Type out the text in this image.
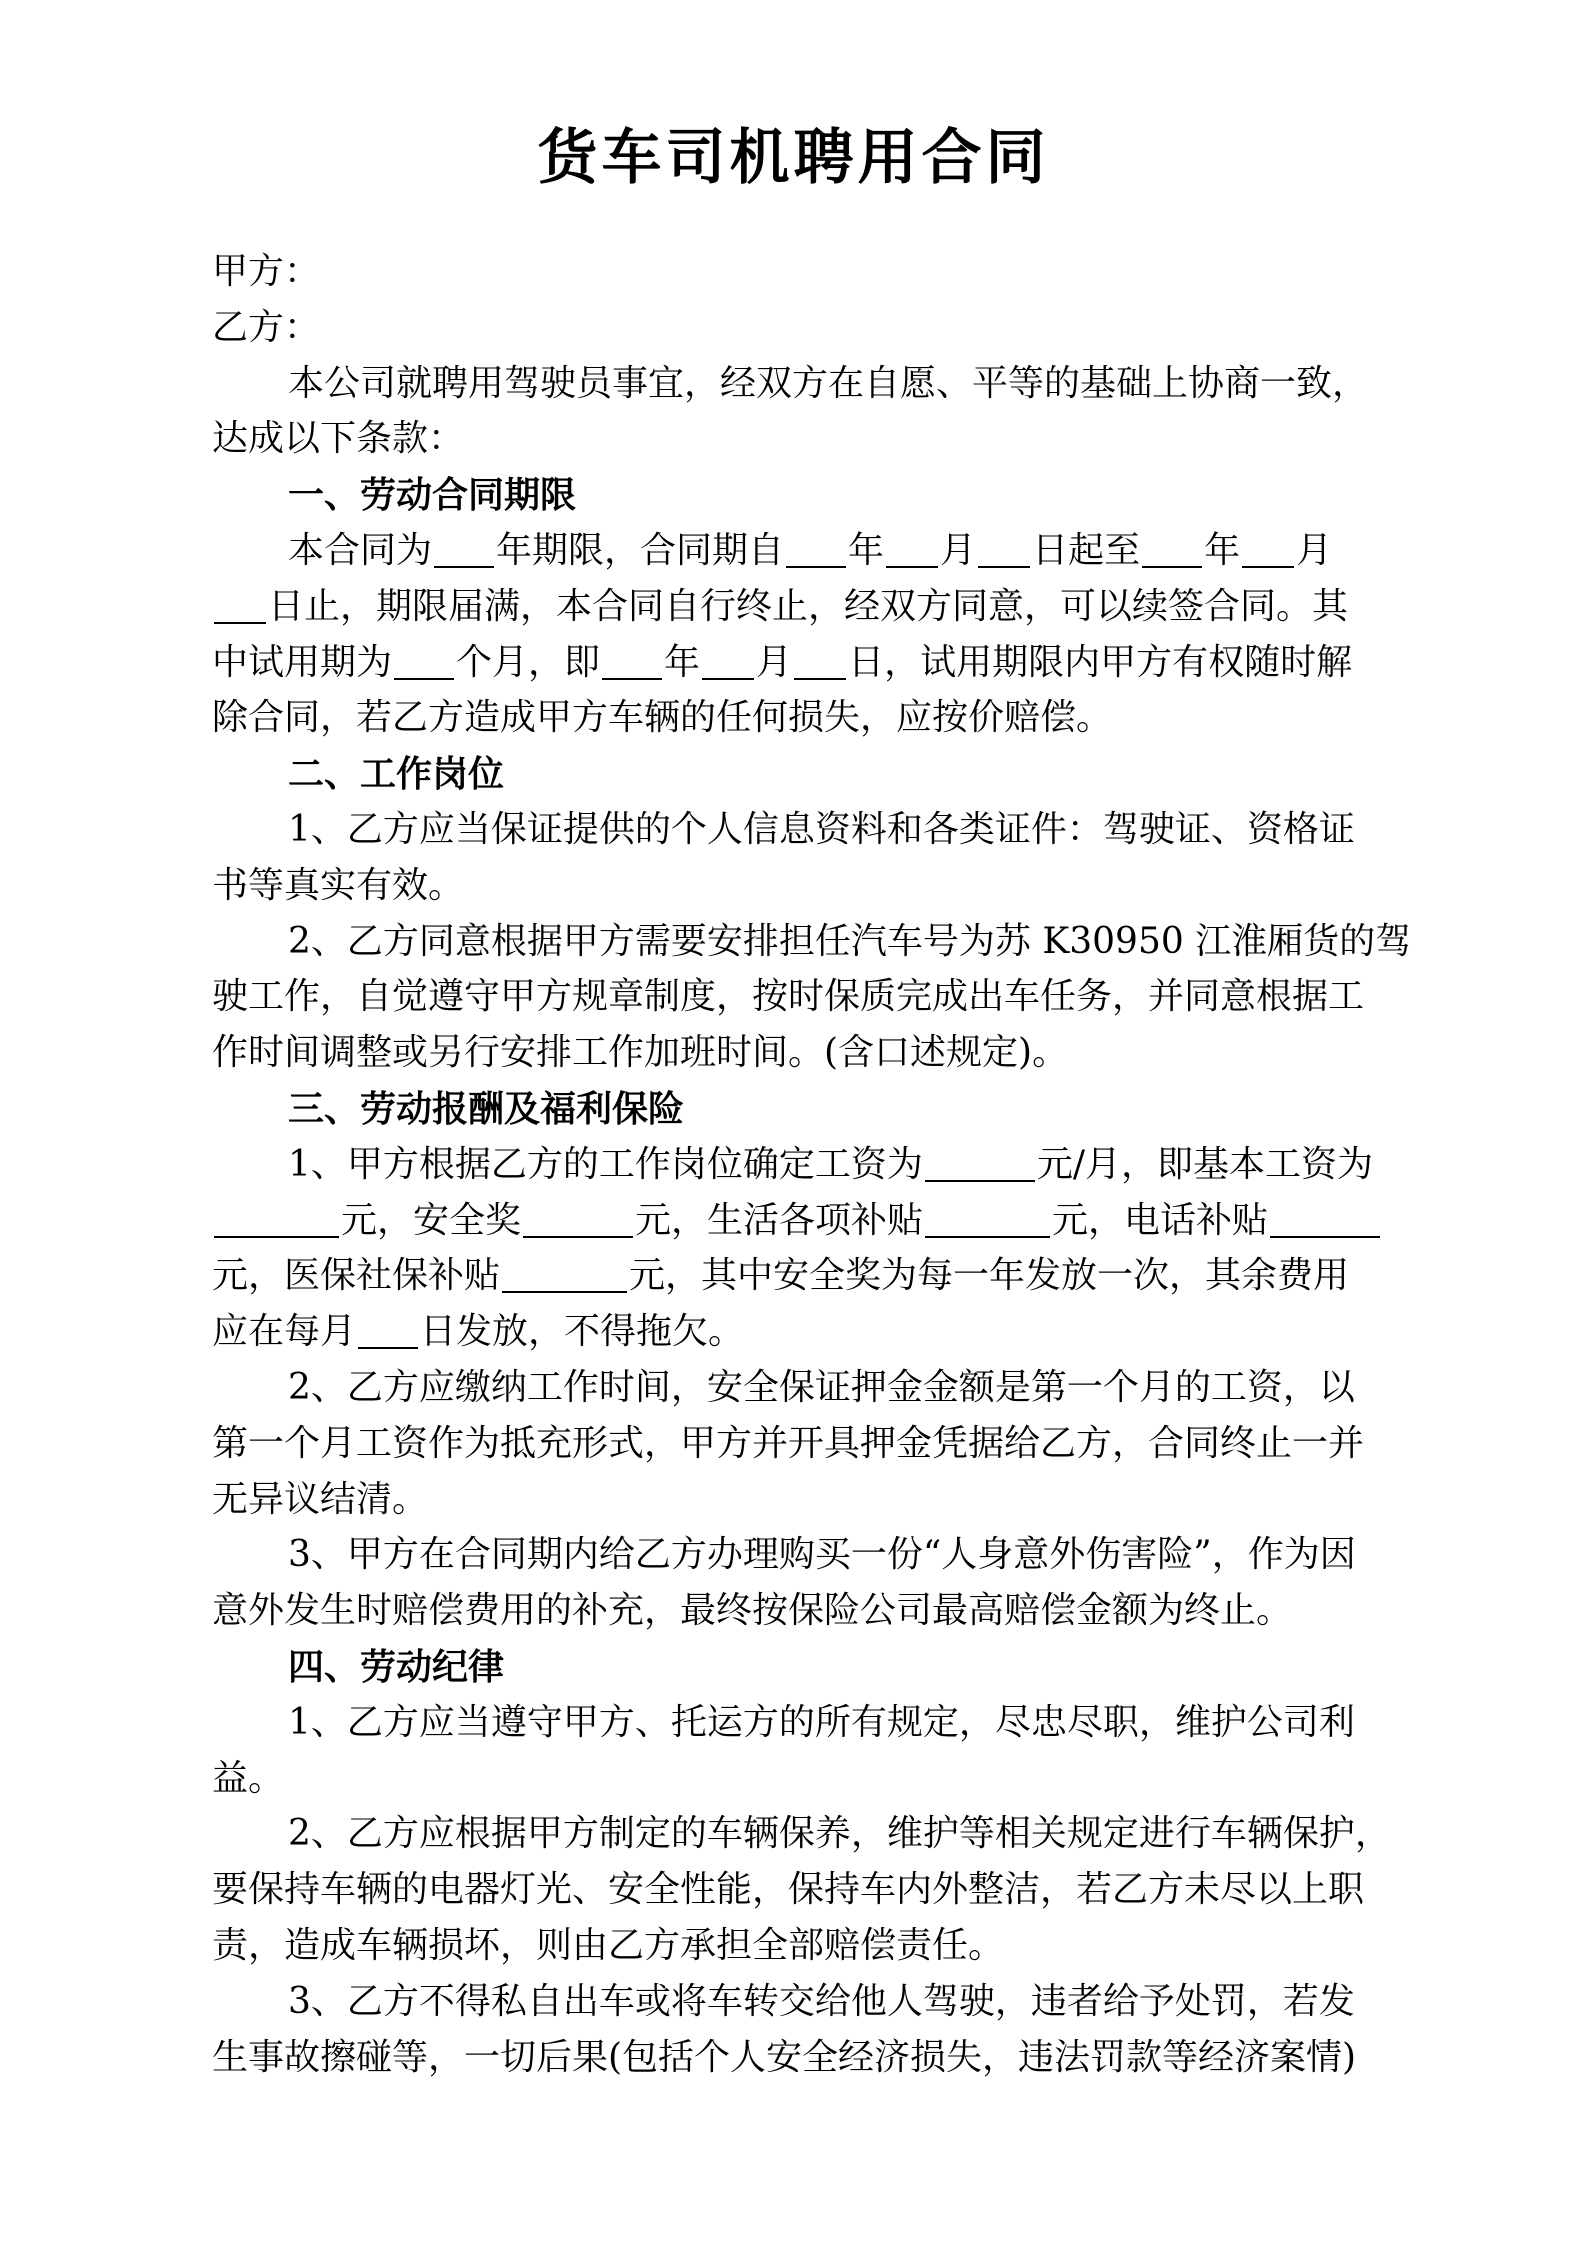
货车司机聘用合同
甲方：
乙方：
本公司就聘用驾驶员事宜，经双方在自愿、平等的基础上协商一致，
达成以下条款：
一、劳动合同期限
本合同为 年期限，合同期自 年 月 日起至 年 月
日止，期限届满，本合同自行终止，经双方同意，可以续签合同。其
中试用期为 个月，即 年 月 日，试用期限内甲方有权随时解
除合同，若乙方造成甲方车辆的任何损失，应按价赔偿。
二、工作岗位
1、乙方应当保证提供的个人信息资料和各类证件：驾驶证、资格证
书等真实有效。
2、乙方同意根据甲方需要安排担任汽车号为苏 K30950 江淮厢货的驾
驶工作，自觉遵守甲方规章制度，按时保质完成出车任务，并同意根据工
作时间调整或另行安排工作加班时间。(含口述规定)。
三、劳动报酬及福利保险
1、甲方根据乙方的工作岗位确定工资为	元/月，即基本工资为
元，安全奖	元，生活各项补贴	元，电话补贴
元，医保社保补贴	元，其中安全奖为每一年发放一次，其余费用
应在每月 日发放，不得拖欠。
2、乙方应缴纳工作时间，安全保证押金金额是第一个月的工资，以
第一个月工资作为抵充形式，甲方并开具押金凭据给乙方，合同终止一并
无异议结清。
3、甲方在合同期内给乙方办理购买一份“人身意外伤害险”，作为因
意外发生时赔偿费用的补充，最终按保险公司最高赔偿金额为终止。
四、劳动纪律
1、乙方应当遵守甲方、托运方的所有规定，尽忠尽职，维护公司利
益。
2、乙方应根据甲方制定的车辆保养，维护等相关规定进行车辆保护，
要保持车辆的电器灯光、安全性能，保持车内外整洁，若乙方未尽以上职
责，造成车辆损坏，则由乙方承担全部赔偿责任。
3、乙方不得私自出车或将车转交给他人驾驶，违者给予处罚，若发
生事故擦碰等，一切后果(包括个人安全经济损失，违法罚款等经济案情)
